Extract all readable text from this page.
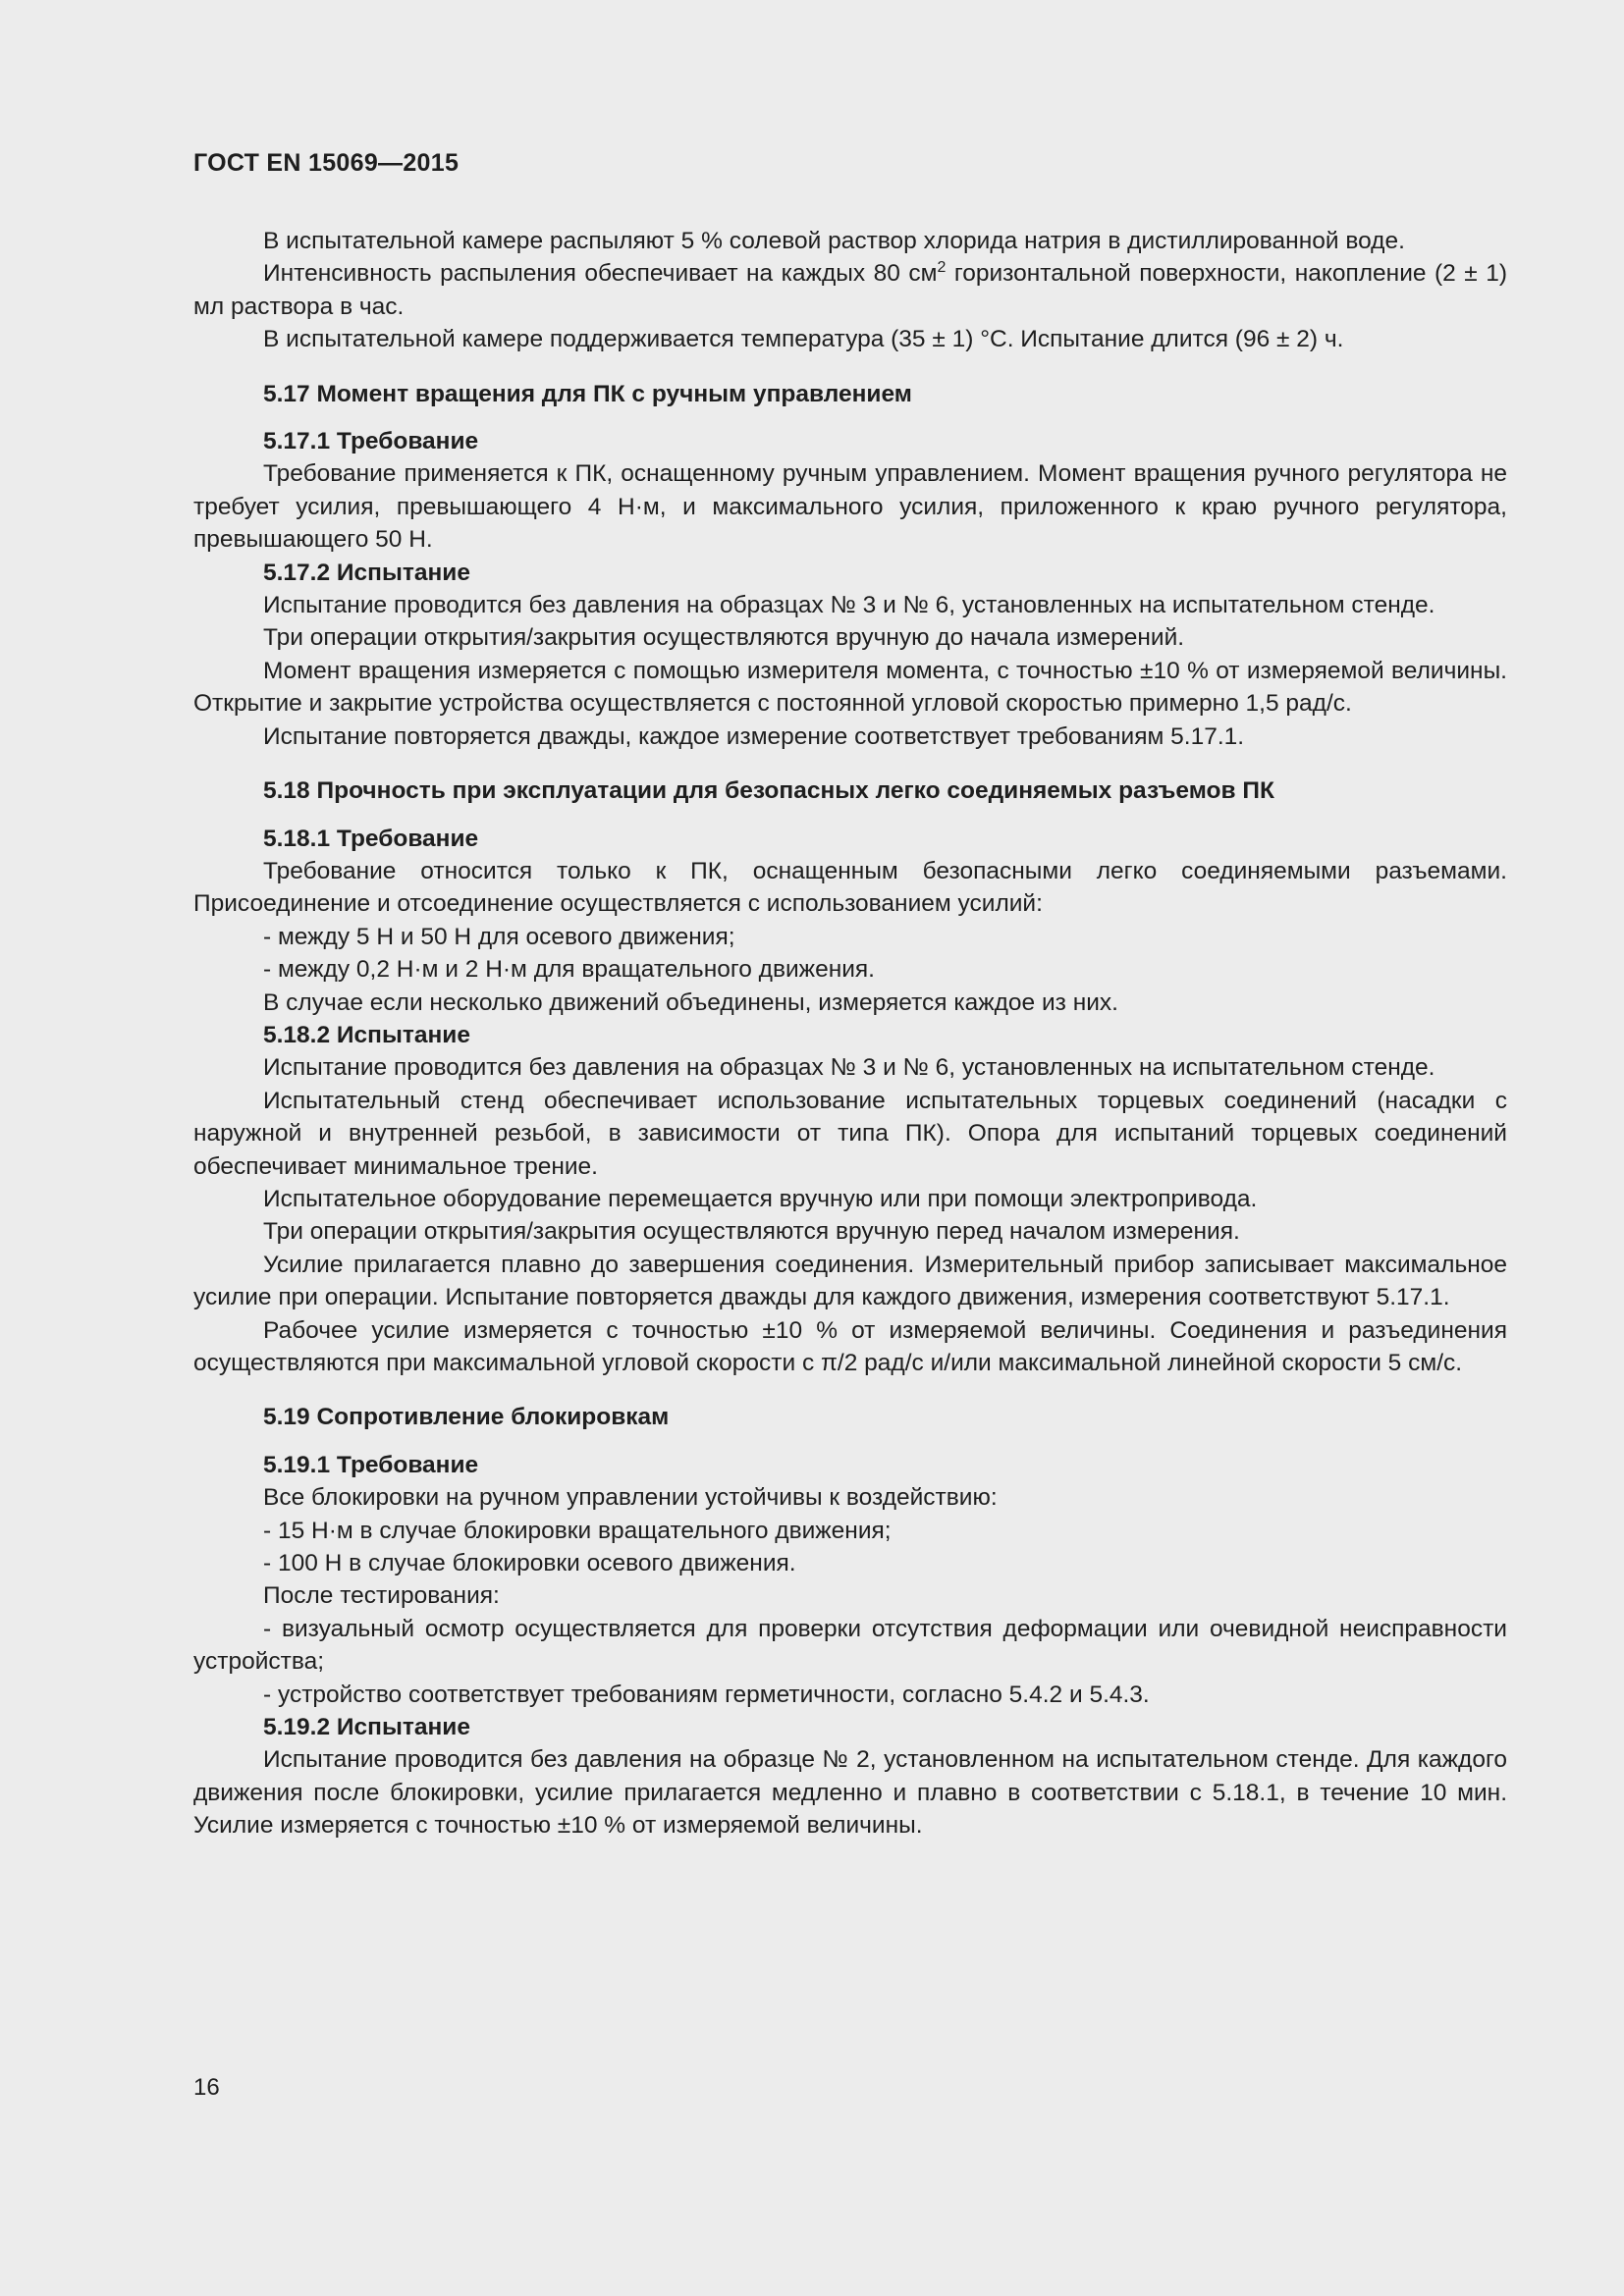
ГОСТ EN 15069—2015

В испытательной камере распыляют 5 % солевой раствор хлорида натрия в дистиллированной воде.

Интенсивность распыления обеспечивает на каждых 80 $см^2$ горизонтальной поверхности, накопление (2 ± 1) мл раствора в час.

В испытательной камере поддерживается температура (35 ± 1) °С. Испытание длится (96 ± 2) ч.

5.17 Момент вращения для ПК с ручным управлением

5.17.1 Требование

Требование применяется к ПК, оснащенному ручным управлением. Момент вращения ручного регулятора не требует усилия, превышающего 4 Н·м, и максимального усилия, приложенного к краю ручного регулятора, превышающего 50 Н.

5.17.2 Испытание

Испытание проводится без давления на образцах № 3 и № 6, установленных на испытательном стенде.

Три операции открытия/закрытия осуществляются вручную до начала измерений.

Момент вращения измеряется с помощью измерителя момента, с точностью ±10 % от измеряемой величины. Открытие и закрытие устройства осуществляется с постоянной угловой скоростью примерно 1,5 рад/с.

Испытание повторяется дважды, каждое измерение соответствует требованиям 5.17.1.

5.18 Прочность при эксплуатации для безопасных легко соединяемых разъемов ПК

5.18.1 Требование

Требование относится только к ПК, оснащенным безопасными легко соединяемыми разъемами. Присоединение и отсоединение осуществляется с использованием усилий:

- между 5 Н и 50 Н для осевого движения;

- между 0,2 Н·м и 2 Н·м для вращательного движения.

В случае если несколько движений объединены, измеряется каждое из них.

5.18.2 Испытание

Испытание проводится без давления на образцах № 3 и № 6, установленных на испытательном стенде.

Испытательный стенд обеспечивает использование испытательных торцевых соединений (насадки с наружной и внутренней резьбой, в зависимости от типа ПК). Опора для испытаний торцевых соединений обеспечивает минимальное трение.

Испытательное оборудование перемещается вручную или при помощи электропривода.

Три операции открытия/закрытия осуществляются вручную перед началом измерения.

Усилие прилагается плавно до завершения соединения. Измерительный прибор записывает максимальное усилие при операции. Испытание повторяется дважды для каждого движения, измерения соответствуют 5.17.1.

Рабочее усилие измеряется с точностью ±10 % от измеряемой величины. Соединения и разъединения осуществляются при максимальной угловой скорости с π/2 рад/с и/или максимальной линейной скорости 5 см/с.

5.19 Сопротивление блокировкам

5.19.1 Требование

Все блокировки на ручном управлении устойчивы к воздействию:

- 15 Н·м в случае блокировки вращательного движения;

- 100 Н в случае блокировки осевого движения.

После тестирования:

- визуальный осмотр осуществляется для проверки отсутствия деформации или очевидной неисправности устройства;

- устройство соответствует требованиям герметичности, согласно 5.4.2 и 5.4.3.

5.19.2 Испытание

Испытание проводится без давления на образце № 2, установленном на испытательном стенде. Для каждого движения после блокировки, усилие прилагается медленно и плавно в соответствии с 5.18.1, в течение 10 мин. Усилие измеряется с точностью ±10 % от измеряемой величины.

16
